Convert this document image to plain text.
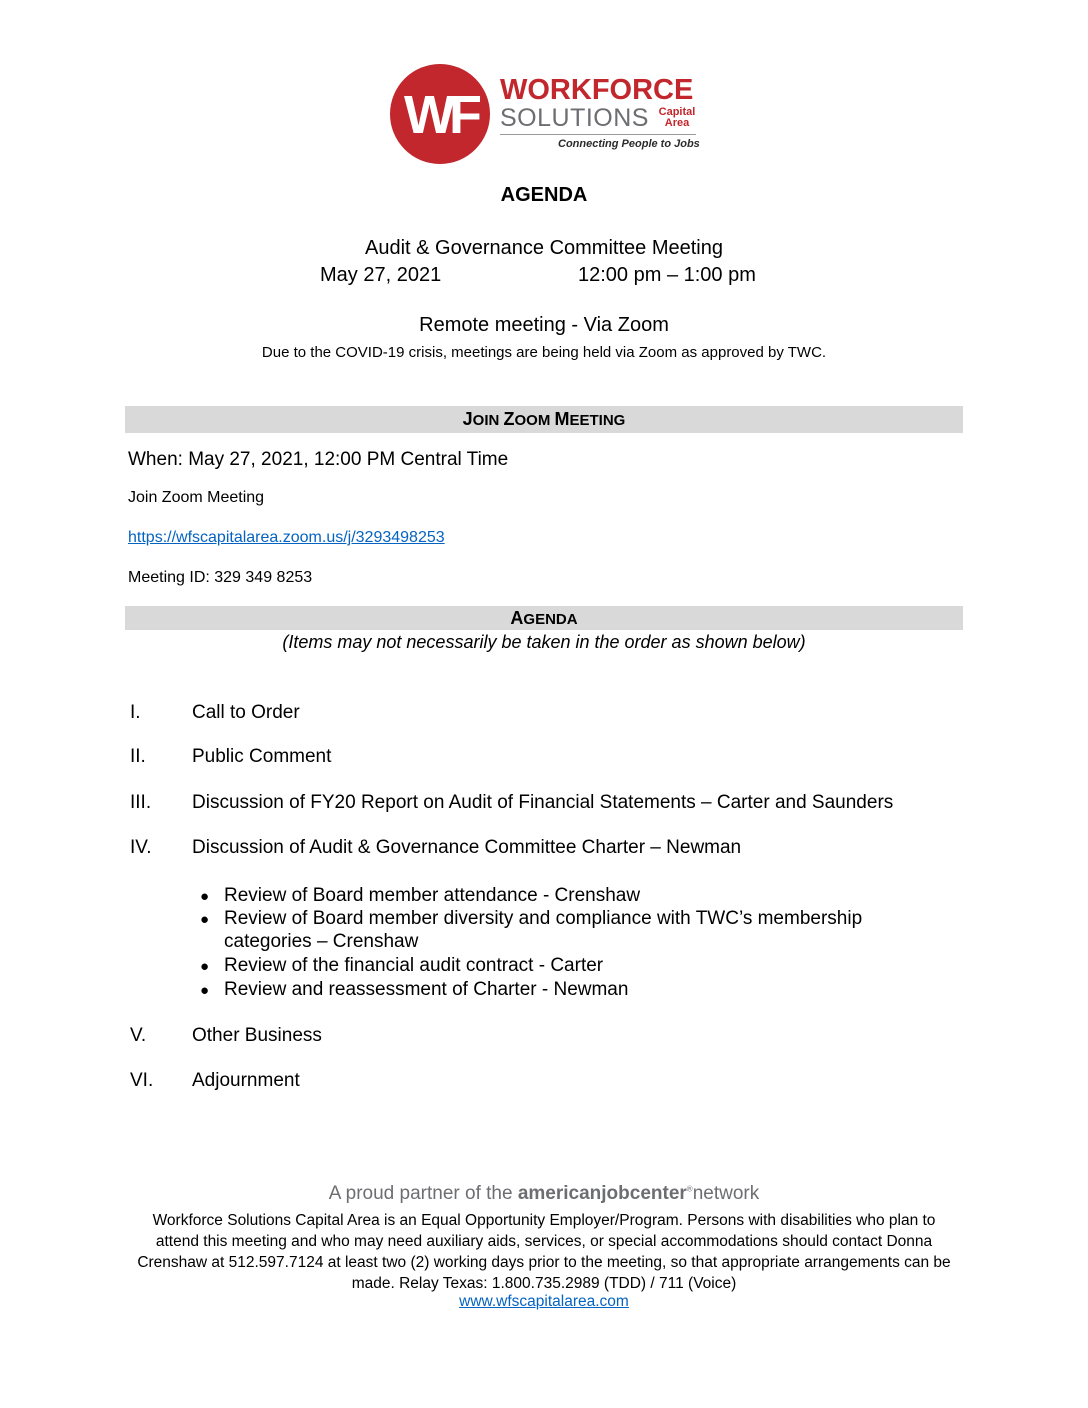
WF WORKFORCE
SOLUTIONS Capital
Area
Connecting People to Jobs
AGENDA
Audit & Governance Committee Meeting
May 27, 2021	12:00 pm – 1:00 pm
Remote meeting - Via Zoom
Due to the COVID-19 crisis, meetings are being held via Zoom as approved by TWC.
JOIN ZOOM MEETING
When: May 27, 2021, 12:00 PM Central Time
Join Zoom Meeting
https://wfscapitalarea.zoom.us/j/3293498253
Meeting ID: 329 349 8253
AGENDA
(Items may not necessarily be taken in the order as shown below)
I.	Call to Order
II. Public Comment
III. Discussion of FY20 Report on Audit of Financial Statements – Carter and Saunders
IV. Discussion of Audit & Governance Committee Charter – Newman
● Review of Board member attendance - Crenshaw
● Review of Board member diversity and compliance with TWC’s membership
categories – Crenshaw
● Review of the financial audit contract - Carter
● Review and reassessment of Charter - Newman
V. Other Business
VI. Adjournment
A proud partner of the americanjobcenter®network
Workforce Solutions Capital Area is an Equal Opportunity Employer/Program. Persons with disabilities who plan to attend this meeting and who may need auxiliary aids, services, or special accommodations should contact Donna Crenshaw at 512.597.7124 at least two (2) working days prior to the meeting, so that appropriate arrangements can be made. Relay Texas: 1.800.735.2989 (TDD) / 711 (Voice)
www.wfscapitalarea.com
